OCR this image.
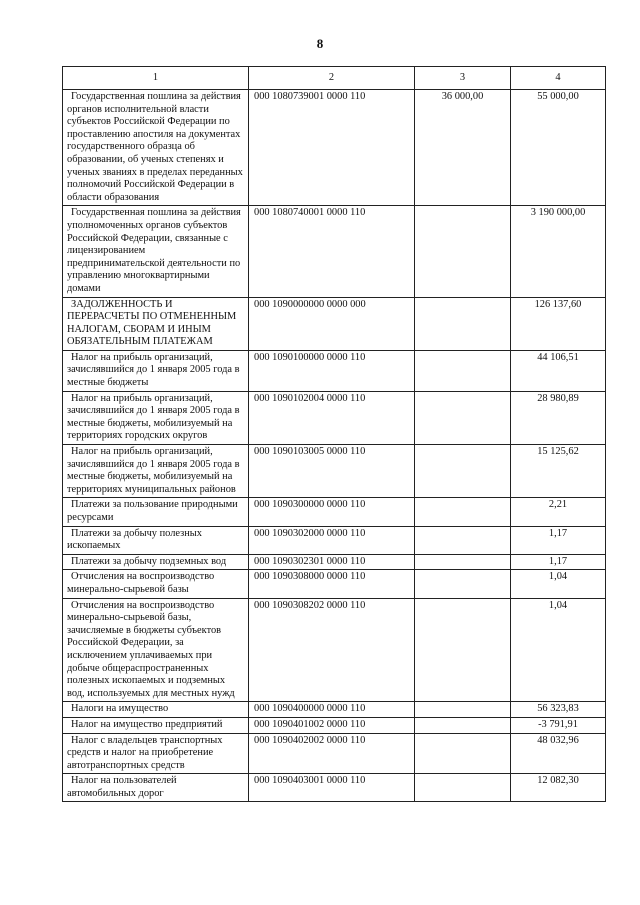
8
1	2	3	4

Государственная пошлина за действия органов исполнительной власти субъектов Российской Федерации по проставлению апостиля на документах государственного образца об образовании, об ученых степенях и ученых званиях в пределах переданных полномочий Российской Федерации в области образования	000 1080739001 0000 110	36 000,00	55 000,00

Государственная пошлина за действия уполномоченных органов субъектов Российской Федерации, связанные с лицензированием предпринимательской деятельности по управлению многоквартирными домами	000 1080740001 0000 110		3 190 000,00

ЗАДОЛЖЕННОСТЬ И ПЕРЕРАСЧЕТЫ ПО ОТМЕНЕННЫМ НАЛОГАМ, СБОРАМ И ИНЫМ ОБЯЗАТЕЛЬНЫМ ПЛАТЕЖАМ	000 1090000000 0000 000		126 137,60

Налог на прибыль организаций, зачислявшийся до 1 января 2005 года в местные бюджеты	000 1090100000 0000 110		44 106,51

Налог на прибыль организаций, зачислявшийся до 1 января 2005 года в местные бюджеты, мобилизуемый на территориях городских округов	000 1090102004 0000 110		28 980,89

Налог на прибыль организаций, зачислявшийся до 1 января 2005 года в местные бюджеты, мобилизуемый на территориях муниципальных районов	000 1090103005 0000 110		15 125,62

Платежи за пользование природными ресурсами	000 1090300000 0000 110		2,21

Платежи за добычу полезных ископаемых	000 1090302000 0000 110		1,17

Платежи за добычу подземных вод	000 1090302301 0000 110		1,17

Отчисления на воспроизводство минерально-сырьевой базы	000 1090308000 0000 110		1,04

Отчисления на воспроизводство минерально-сырьевой базы, зачисляемые в бюджеты субъектов Российской Федерации, за исключением уплачиваемых при добыче общераспространенных полезных ископаемых и подземных вод, используемых для местных нужд	000 1090308202 0000 110		1,04

Налоги на имущество	000 1090400000 0000 110		56 323,83

Налог на имущество предприятий	000 1090401002 0000 110		-3 791,91

Налог с владельцев транспортных средств и налог на приобретение автотранспортных средств	000 1090402002 0000 110		48 032,96

Налог на пользователей автомобильных дорог	000 1090403001 0000 110		12 082,30
